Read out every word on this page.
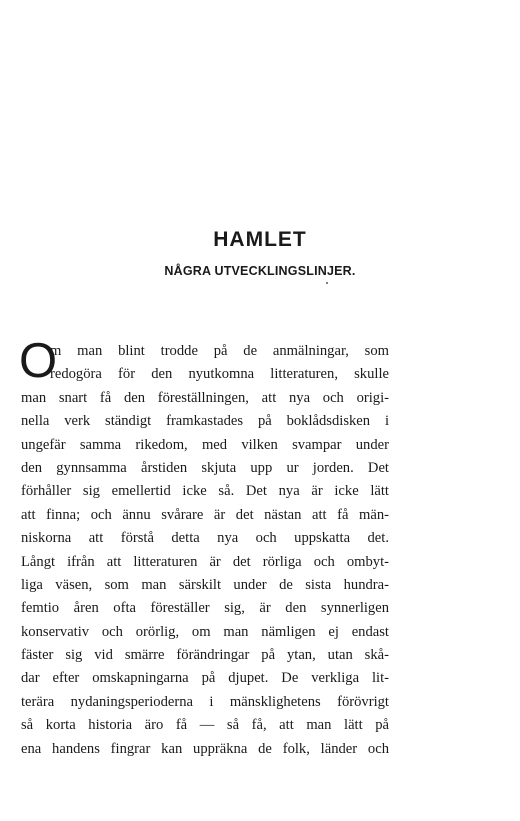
HAMLET
NÅGRA UTVECKLINGSLINJER.
O
m man blint trodde på de anmälningar, som
redogöra för den nyutkomna litteraturen, skulle
man snart få den föreställningen, att nya och origi-
nella verk ständigt framkastades på boklådsdisken i
ungefär samma rikedom, med vilken svampar under
den gynnsamma årstiden skjuta upp ur jorden. Det
förhåller sig emellertid icke så. Det nya är icke lätt
att finna; och ännu svårare är det nästan att få män-
niskorna att förstå detta nya och uppskatta det.
Långt ifrån att litteraturen är det rörliga och ombyt-
liga väsen, som man särskilt under de sista hundra-
femtio åren ofta föreställer sig, är den synnerligen
konservativ och orörlig, om man nämligen ej endast
fäster sig vid smärre förändringar på ytan, utan skå-
dar efter omskapningarna på djupet. De verkliga lit-
terära nydaningsperioderna i mänsklighetens förövrigt
så korta historia äro få — så få, att man lätt på
ena handens fingrar kan uppräkna de folk, länder och
